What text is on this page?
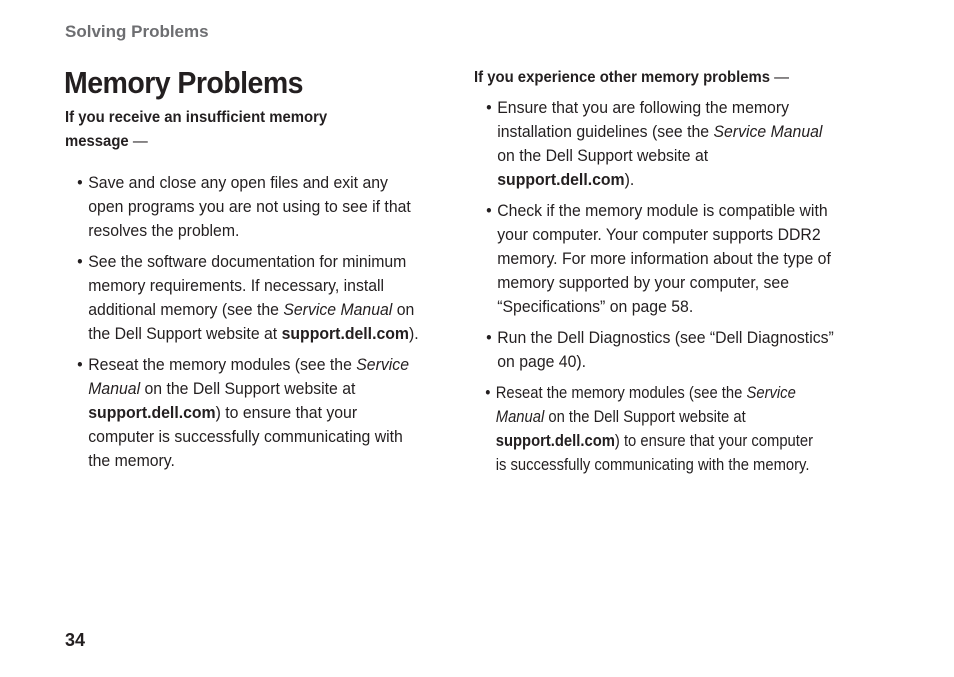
Solving Problems
Memory Problems

If you receive an insufficient memory
message —

• Save and close any open files and exit any open programs you are not using to see if that resolves the problem.
• See the software documentation for minimum memory requirements. If necessary, install additional memory (see the Service Manual on the Dell Support website at support.dell.com).
• Reseat the memory modules (see the Service Manual on the Dell Support website at support.dell.com) to ensure that your computer is successfully communicating with the memory.

If you experience other memory problems —

• Ensure that you are following the memory installation guidelines (see the Service Manual on the Dell Support website at support.dell.com).
• Check if the memory module is compatible with your computer. Your computer supports DDR2 memory. For more information about the type of memory supported by your computer, see “Specifications” on page 58.
• Run the Dell Diagnostics (see “Dell Diagnostics” on page 40).
• Reseat the memory modules (see the Service Manual on the Dell Support website at support.dell.com) to ensure that your computer is successfully communicating with the memory.
34
